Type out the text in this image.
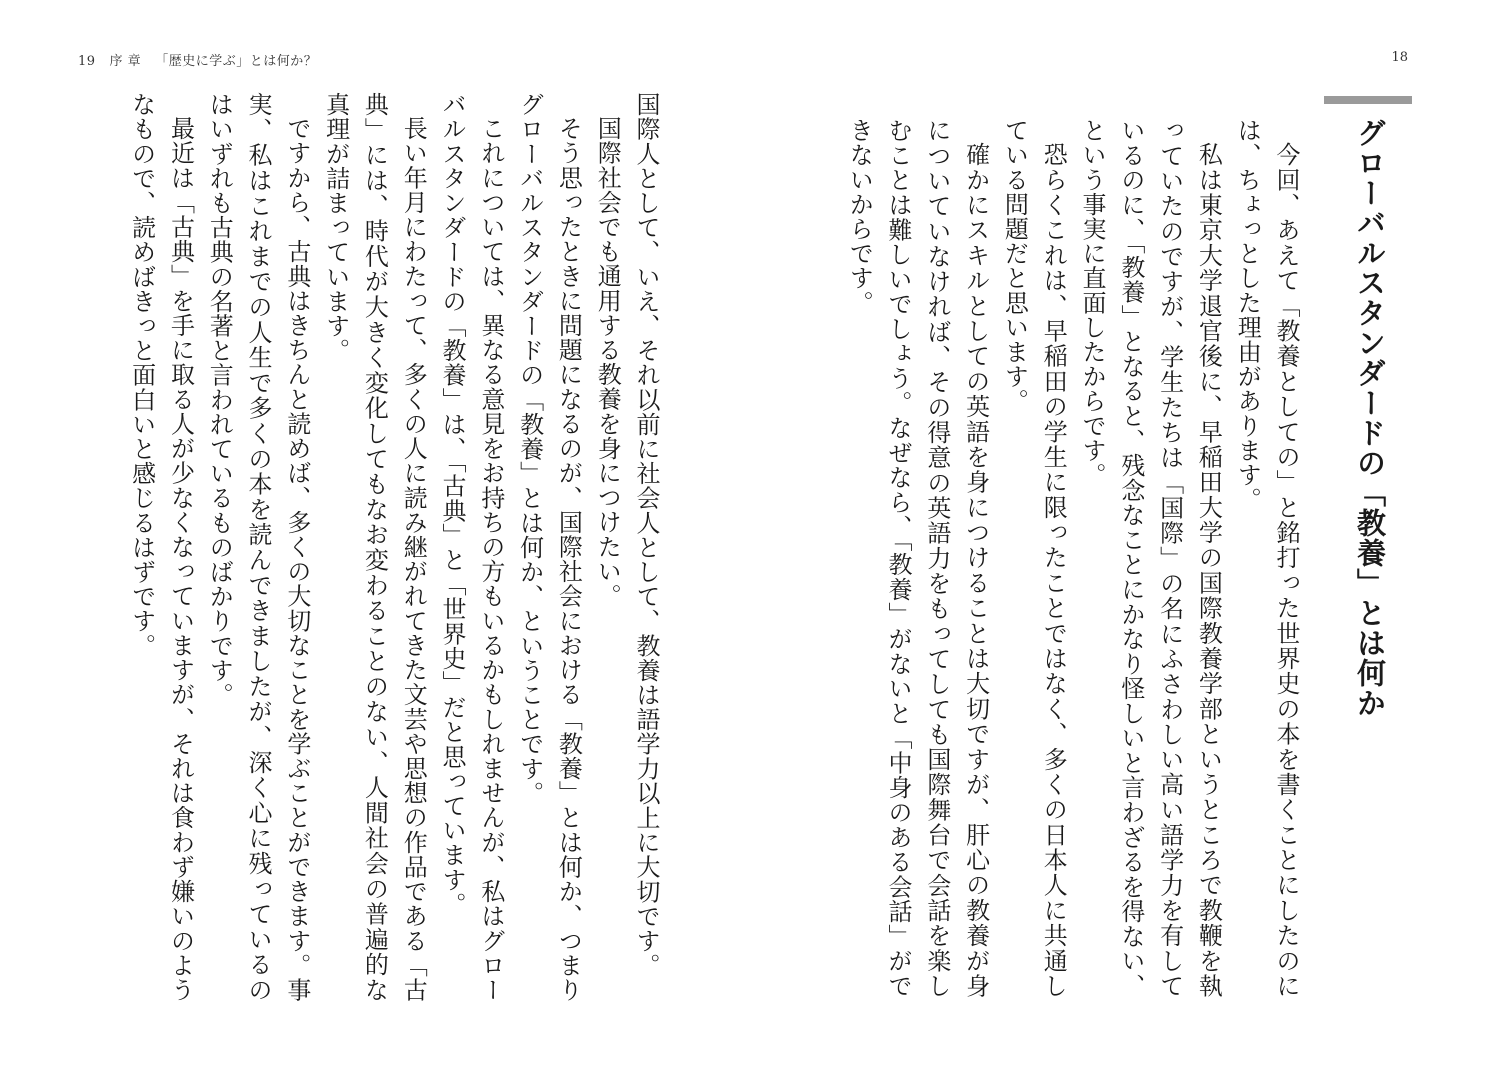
19 序 章 「歴史に学ぶ」とは何か？

国際人として、いえ、それ以前に社会人として、教養は語学力以上に大切です。

国際社会でも通用する教養を身につけたい。

そう思ったときに問題になるのが、国際社会における「教養」とは何か、つまりグローバルスタンダードの「教養」とは何か、ということです。

これについては、異なる意見をお持ちの方もいるかもしれませんが、私はグローバルスタンダードの「教養」は、「古典」と「世界史」だと思っています。

長い年月にわたって、多くの人に読み継がれてきた文芸や思想の作品である「古典」には、時代が大きく変化してもなお変わることのない、人間社会の普遍的な真理が詰まっています。

ですから、古典はきちんと読めば、多くの大切なことを学ぶことができます。事実、私はこれまでの人生で多くの本を読んできましたが、深く心に残っているのはいずれも古典の名著と言われているものばかりです。

最近は「古典」を手に取る人が少なくなっていますが、それは食わず嫌いのようなもので、読めばきっと面白いと感じるはずです。

18
グローバルスタンダードの「教養」とは何か

今回、あえて「教養としての」と銘打った世界史の本を書くことにしたのには、ちょっとした理由があります。

私は東京大学退官後に、早稲田大学の国際教養学部というところで教鞭を執っていたのですが、学生たちは「国際」の名にふさわしい高い語学力を有しているのに、「教養」となると、残念なことにかなり怪しいと言わざるを得ない、という事実に直面したからです。

恐らくこれは、早稲田の学生に限ったことではなく、多くの日本人に共通している問題だと思います。

確かにスキルとしての英語を身につけることは大切ですが、肝心の教養が身についていなければ、その得意の英語力をもってしても国際舞台で会話を楽しむことは難しいでしょう。なぜなら、「教養」がないと「中身のある会話」ができないからです。
